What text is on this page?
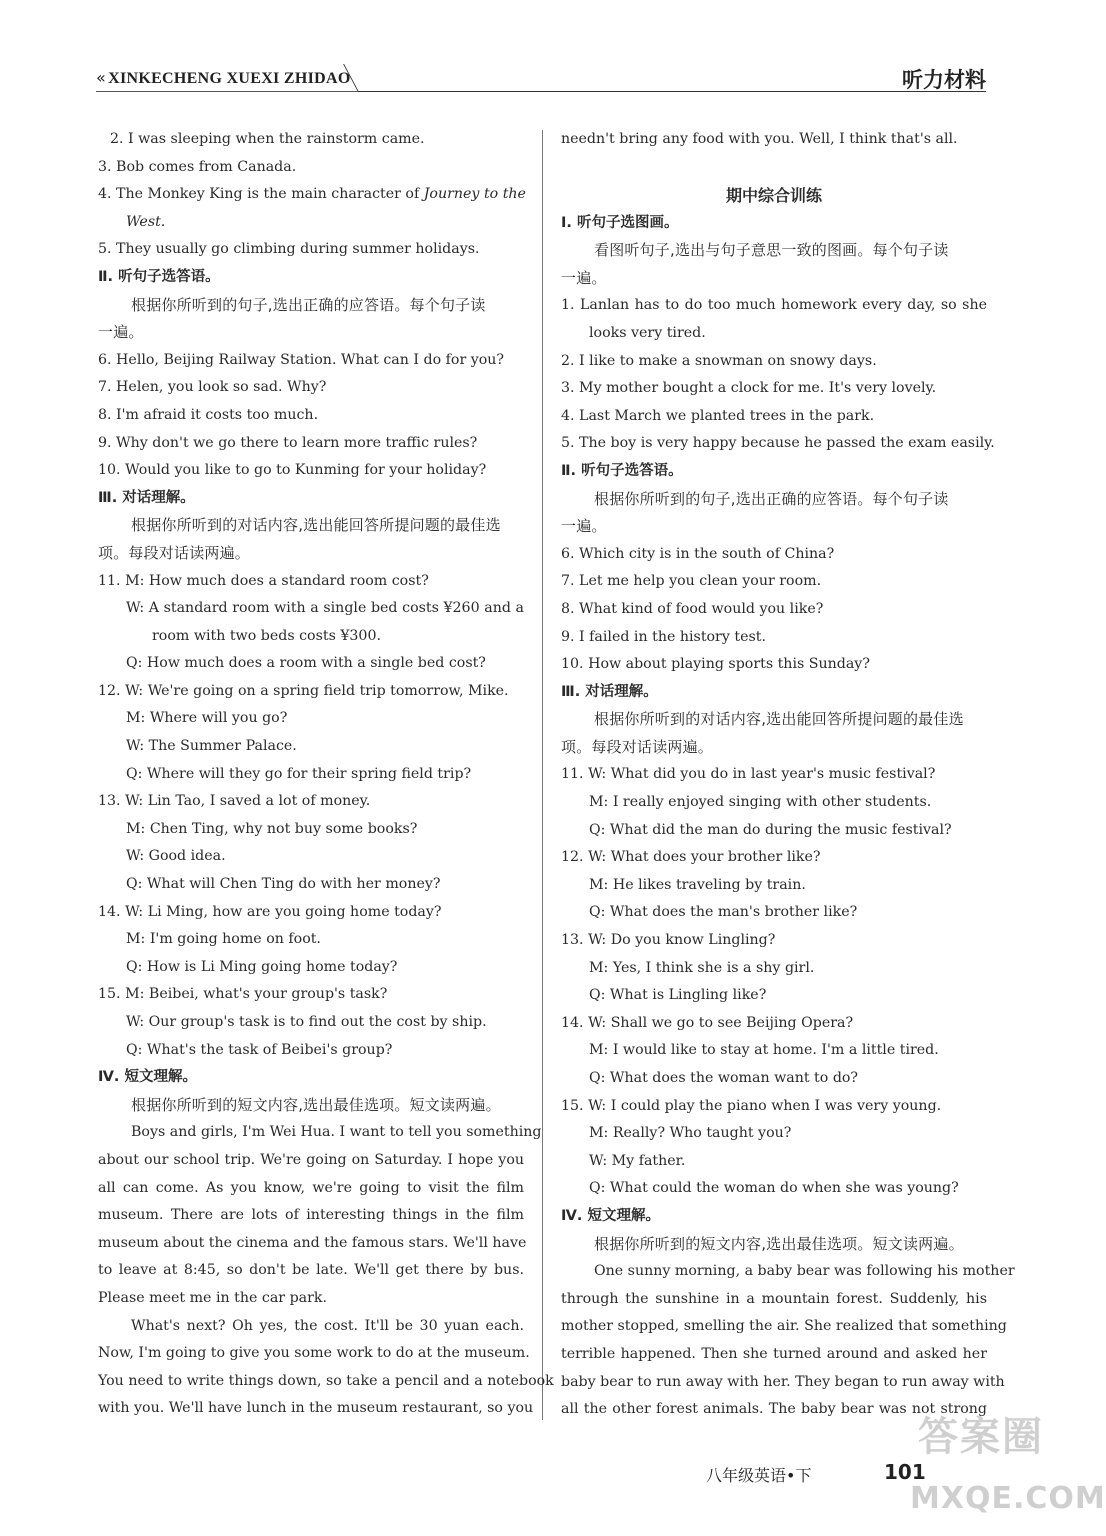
« XINKECHENG XUEXI ZHIDAO	听力材料
2. I was sleeping when the rainstorm came.
3. Bob comes from Canada.
4. The Monkey King is the main character of Journey to the
West.
5. They usually go climbing during summer holidays.
Ⅱ. 听句子选答语。
根据你所听到的句子,选出正确的应答语。每个句子读
一遍。
6. Hello, Beijing Railway Station. What can I do for you?
7. Helen, you look so sad. Why?
8. I'm afraid it costs too much.
9. Why don't we go there to learn more traffic rules?
10. Would you like to go to Kunming for your holiday?
Ⅲ. 对话理解。
根据你所听到的对话内容,选出能回答所提问题的最佳选
项。每段对话读两遍。
11. M: How much does a standard room cost?
W: A standard room with a single bed costs ¥260 and a
room with two beds costs ¥300.
Q: How much does a room with a single bed cost?
12. W: We're going on a spring field trip tomorrow, Mike.
M: Where will you go?
W: The Summer Palace.
Q: Where will they go for their spring field trip?
13. W: Lin Tao, I saved a lot of money.
M: Chen Ting, why not buy some books?
W: Good idea.
Q: What will Chen Ting do with her money?
14. W: Li Ming, how are you going home today?
M: I'm going home on foot.
Q: How is Li Ming going home today?
15. M: Beibei, what's your group's task?
W: Our group's task is to find out the cost by ship.
Q: What's the task of Beibei's group?
Ⅳ. 短文理解。
根据你所听到的短文内容,选出最佳选项。短文读两遍。
Boys and girls, I'm Wei Hua. I want to tell you something
about our school trip. We're going on Saturday. I hope you
all can come. As you know, we're going to visit the film
museum. There are lots of interesting things in the film
museum about the cinema and the famous stars. We'll have
to leave at 8:45, so don't be late. We'll get there by bus.
Please meet me in the car park.
What's next? Oh yes, the cost. It'll be 30 yuan each.
Now, I'm going to give you some work to do at the museum.
You need to write things down, so take a pencil and a notebook
with you. We'll have lunch in the museum restaurant, so you
needn't bring any food with you. Well, I think that's all.
期中综合训练
Ⅰ. 听句子选图画。
看图听句子,选出与句子意思一致的图画。每个句子读
一遍。
1. Lanlan has to do too much homework every day, so she
looks very tired.
2. I like to make a snowman on snowy days.
3. My mother bought a clock for me. It's very lovely.
4. Last March we planted trees in the park.
5. The boy is very happy because he passed the exam easily.
Ⅱ. 听句子选答语。
根据你所听到的句子,选出正确的应答语。每个句子读
一遍。
6. Which city is in the south of China?
7. Let me help you clean your room.
8. What kind of food would you like?
9. I failed in the history test.
10. How about playing sports this Sunday?
Ⅲ. 对话理解。
根据你所听到的对话内容,选出能回答所提问题的最佳选
项。每段对话读两遍。
11. W: What did you do in last year's music festival?
M: I really enjoyed singing with other students.
Q: What did the man do during the music festival?
12. W: What does your brother like?
M: He likes traveling by train.
Q: What does the man's brother like?
13. W: Do you know Lingling?
M: Yes, I think she is a shy girl.
Q: What is Lingling like?
14. W: Shall we go to see Beijing Opera?
M: I would like to stay at home. I'm a little tired.
Q: What does the woman want to do?
15. W: I could play the piano when I was very young.
M: Really? Who taught you?
W: My father.
Q: What could the woman do when she was young?
Ⅳ. 短文理解。
根据你所听到的短文内容,选出最佳选项。短文读两遍。
One sunny morning, a baby bear was following his mother
through the sunshine in a mountain forest. Suddenly, his
mother stopped, smelling the air. She realized that something
terrible happened. Then she turned around and asked her
baby bear to run away with her. They began to run away with
all the other forest animals. The baby bear was not strong
八年级英语•下	101
答案圈
MXQE.COM
